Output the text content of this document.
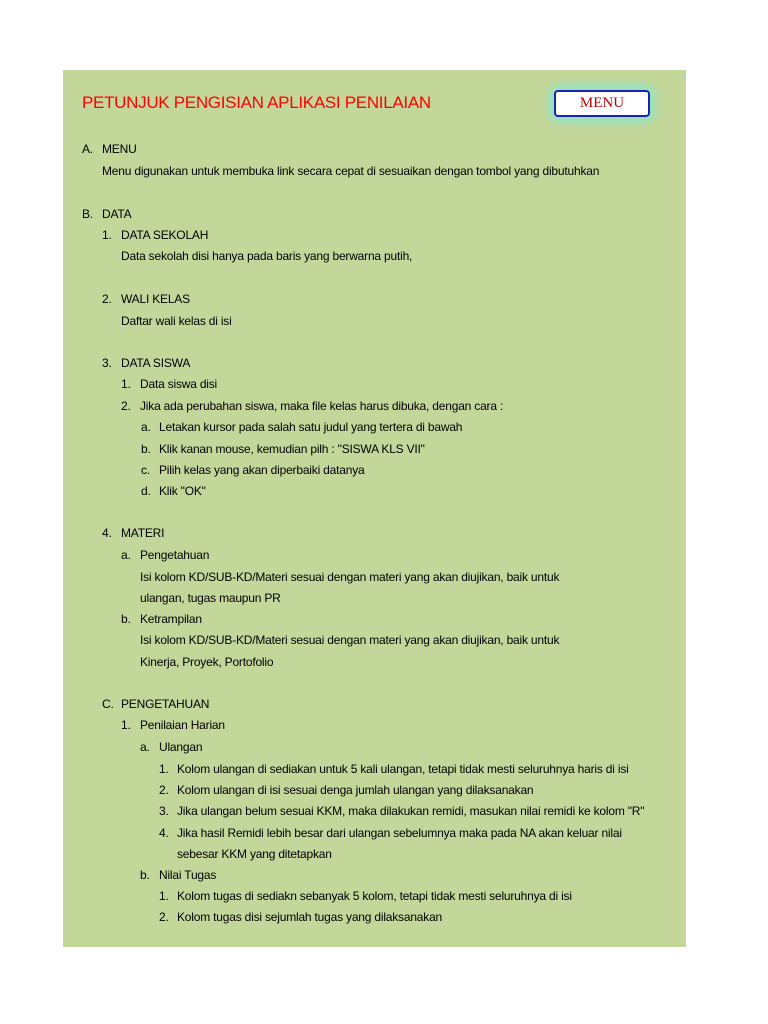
PETUNJUK PENGISIAN APLIKASI PENILAIAN	MENU
A. MENU
Menu digunakan untuk membuka link secara cepat di sesuaikan dengan tombol yang dibutuhkan
B. DATA
1. DATA SEKOLAH
Data sekolah disi hanya pada baris yang berwarna putih,
2. WALI KELAS
Daftar wali kelas di isi
3. DATA SISWA
1. Data siswa disi
2. Jika ada perubahan siswa, maka file kelas harus dibuka, dengan cara :
a. Letakan kursor pada salah satu judul yang tertera di bawah
b. Klik kanan mouse, kemudian pilh : "SISWA KLS VII"
c. Pilih kelas yang akan diperbaiki datanya
d. Klik "OK"
4. MATERI
a. Pengetahuan
Isi kolom KD/SUB-KD/Materi sesuai dengan materi yang akan diujikan, baik untuk
ulangan, tugas maupun PR
b. Ketrampilan
Isi kolom KD/SUB-KD/Materi sesuai dengan materi yang akan diujikan, baik untuk
Kinerja, Proyek, Portofolio
C. PENGETAHUAN
1. Penilaian Harian
a. Ulangan
1. Kolom ulangan di sediakan untuk 5 kali ulangan, tetapi tidak mesti seluruhnya haris di isi
2. Kolom ulangan di isi sesuai denga jumlah ulangan yang dilaksanakan
3. Jika ulangan belum sesuai KKM, maka dilakukan remidi, masukan nilai remidi ke kolom "R"
4. Jika hasil Remidi lebih besar dari ulangan sebelumnya maka pada NA akan keluar nilai
sebesar KKM yang ditetapkan
b. Nilai Tugas
1. Kolom tugas di sediakn sebanyak 5 kolom, tetapi tidak mesti seluruhnya di isi
2. Kolom tugas disi sejumlah tugas yang dilaksanakan
